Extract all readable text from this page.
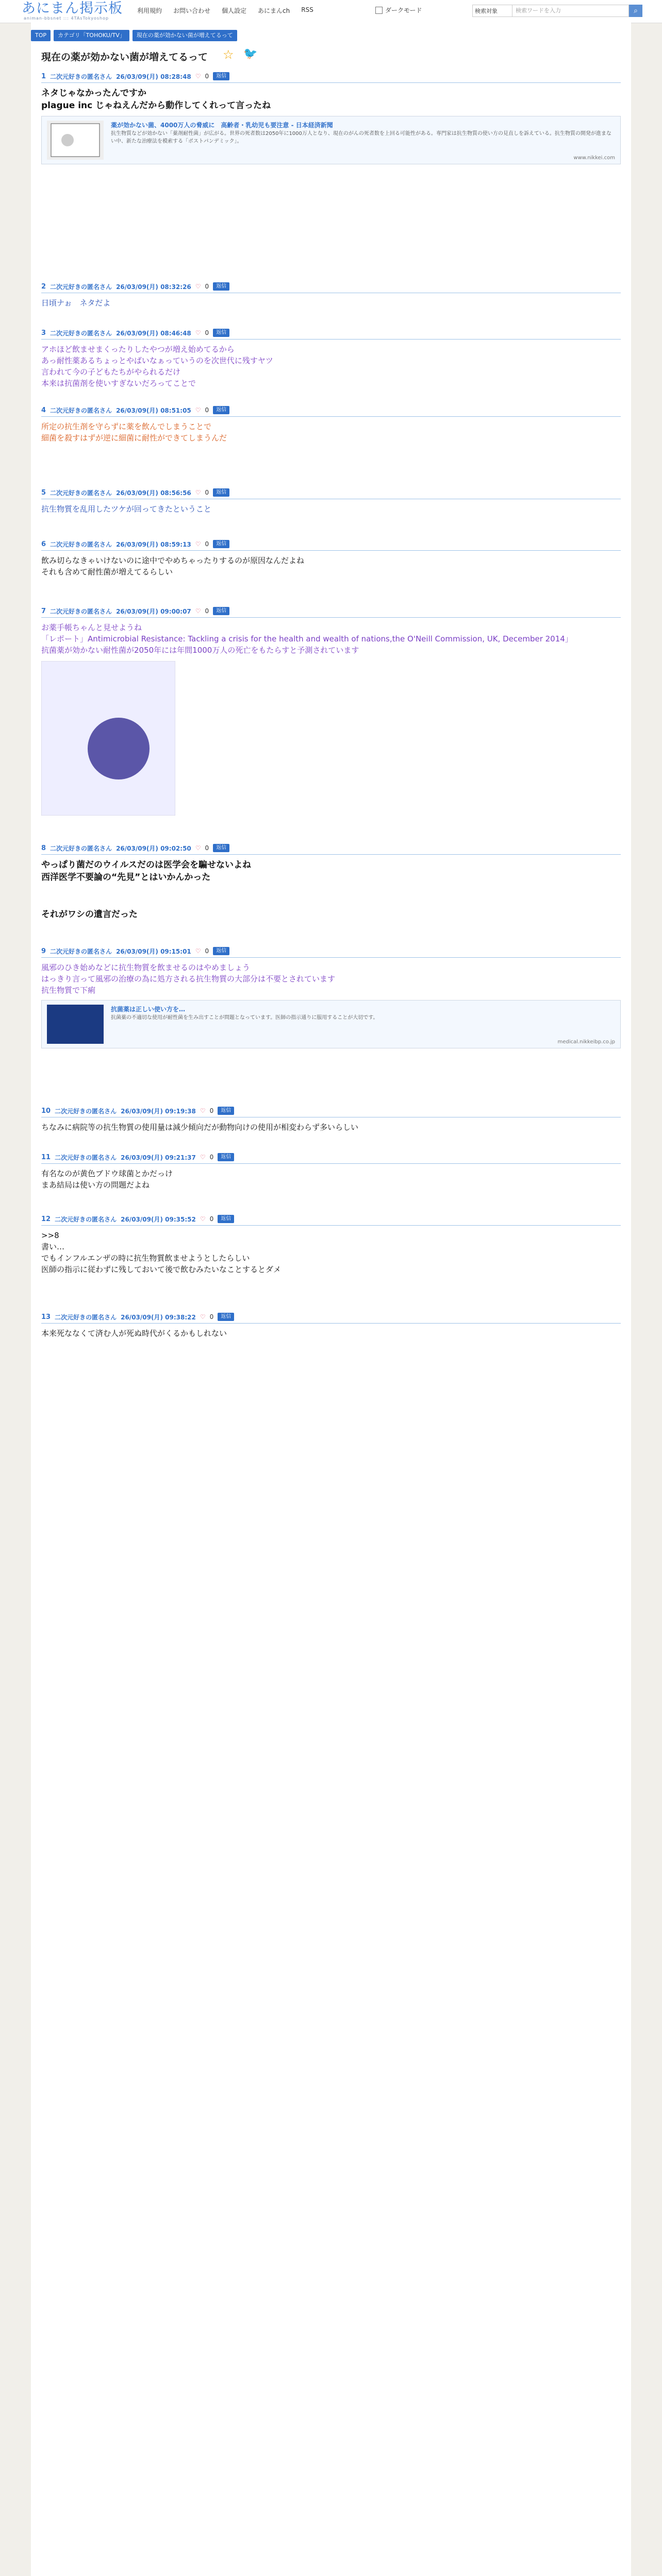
あにまん掲示板
animan-bbsnet ::: 4TAsTokyoshop
利用規約 お問い合わせ 個人設定 あにまんch RSS	ダークモード	検索対象	検索ワードを入力	⌕
TOP	カテゴリ「TOHOKU/TV」	現在の薬が効かない菌が増えてるって
現在の薬が効かない菌が増えてるって ☆ 🐦
1 二次元好きの匿名さん 26/03/09(月) 08:28:48 ♡ 0	返信
ネタじゃなかったんですか
plague inc じゃねえんだから動作してくれって言ったね
薬が効かない菌、4000万人の脅威に　高齢者・乳幼児も要注意 - 日本経済新聞
抗生物質などが効かない「薬剤耐性菌」が広がる。世界の死者数は2050年に1000万人となり、現在のがんの死者数を上回る可能性がある。専門家は抗生物質の使い方の見直しを訴えている。抗生物質の開発が進まない中、新たな治療法を模索する「ポストパンデミック」。
www.nikkei.com
2 二次元好きの匿名さん 26/03/09(月) 08:32:26 ♡ 0	返信
日頃ナぉ　ネタだよ
3 二次元好きの匿名さん 26/03/09(月) 08:46:48 ♡ 0	返信
アホほど飲ませまくったりしたやつが増え始めてるから
あっ耐性薬あるちょっとやばいなぁっていうのを次世代に残すヤツ
言われて今の子どもたちがやられるだけ
本来は抗菌剤を使いすぎないだろってことで
4 二次元好きの匿名さん 26/03/09(月) 08:51:05 ♡ 0	返信
所定の抗生剤を守らずに薬を飲んでしまうことで
細菌を殺すはずが逆に細菌に耐性ができてしまうんだ
5 二次元好きの匿名さん 26/03/09(月) 08:56:56 ♡ 0	返信
抗生物質を乱用したツケが回ってきたということ
6 二次元好きの匿名さん 26/03/09(月) 08:59:13 ♡ 0	返信
飲み切らなきゃいけないのに途中でやめちゃったりするのが原因なんだよね
それも含めて耐性菌が増えてるらしい
7 二次元好きの匿名さん 26/03/09(月) 09:00:07 ♡ 0	返信
お薬手帳ちゃんと見せようね
「レポート」Antimicrobial Resistance: Tackling a crisis for the health and wealth of nations,the O'Neill Commission, UK, December 2014」
抗菌薬が効かない耐性菌が2050年には年間1000万人の死亡をもたらすと予測されています
8 二次元好きの匿名さん 26/03/09(月) 09:02:50 ♡ 0	返信
やっぱり菌だのウイルスだのは医学会を騙せないよね
西洋医学不要論の“先見”とはいかんかった

それがワシの遺言だった
9 二次元好きの匿名さん 26/03/09(月) 09:15:01 ♡ 0	返信
風邪のひき始めなどに抗生物質を飲ませるのはやめましょう
はっきり言って風邪の治療の為に処方される抗生物質の大部分は不要とされています
抗生物質で下痢
抗菌薬は正しい使い方を…
抗菌薬の不適切な使用が耐性菌を生み出すことが問題となっています。医師の指示通りに服用することが大切です。
medical.nikkeibp.co.jp
10 二次元好きの匿名さん 26/03/09(月) 09:19:38 ♡ 0	返信
ちなみに病院等の抗生物質の使用量は減少傾向だが動物向けの使用が相変わらず多いらしい
11 二次元好きの匿名さん 26/03/09(月) 09:21:37 ♡ 0	返信
有名なのが黄色ブドウ球菌とかだっけ
まあ結局は使い方の問題だよね
12 二次元好きの匿名さん 26/03/09(月) 09:35:52 ♡ 0	返信
>>8
書い…
でもインフルエンザの時に抗生物質飲ませようとしたらしい
医師の指示に従わずに残しておいて後で飲むみたいなことするとダメ
13 二次元好きの匿名さん 26/03/09(月) 09:38:22 ♡ 0	返信
本来死ななくて済む人が死ぬ時代がくるかもしれない
